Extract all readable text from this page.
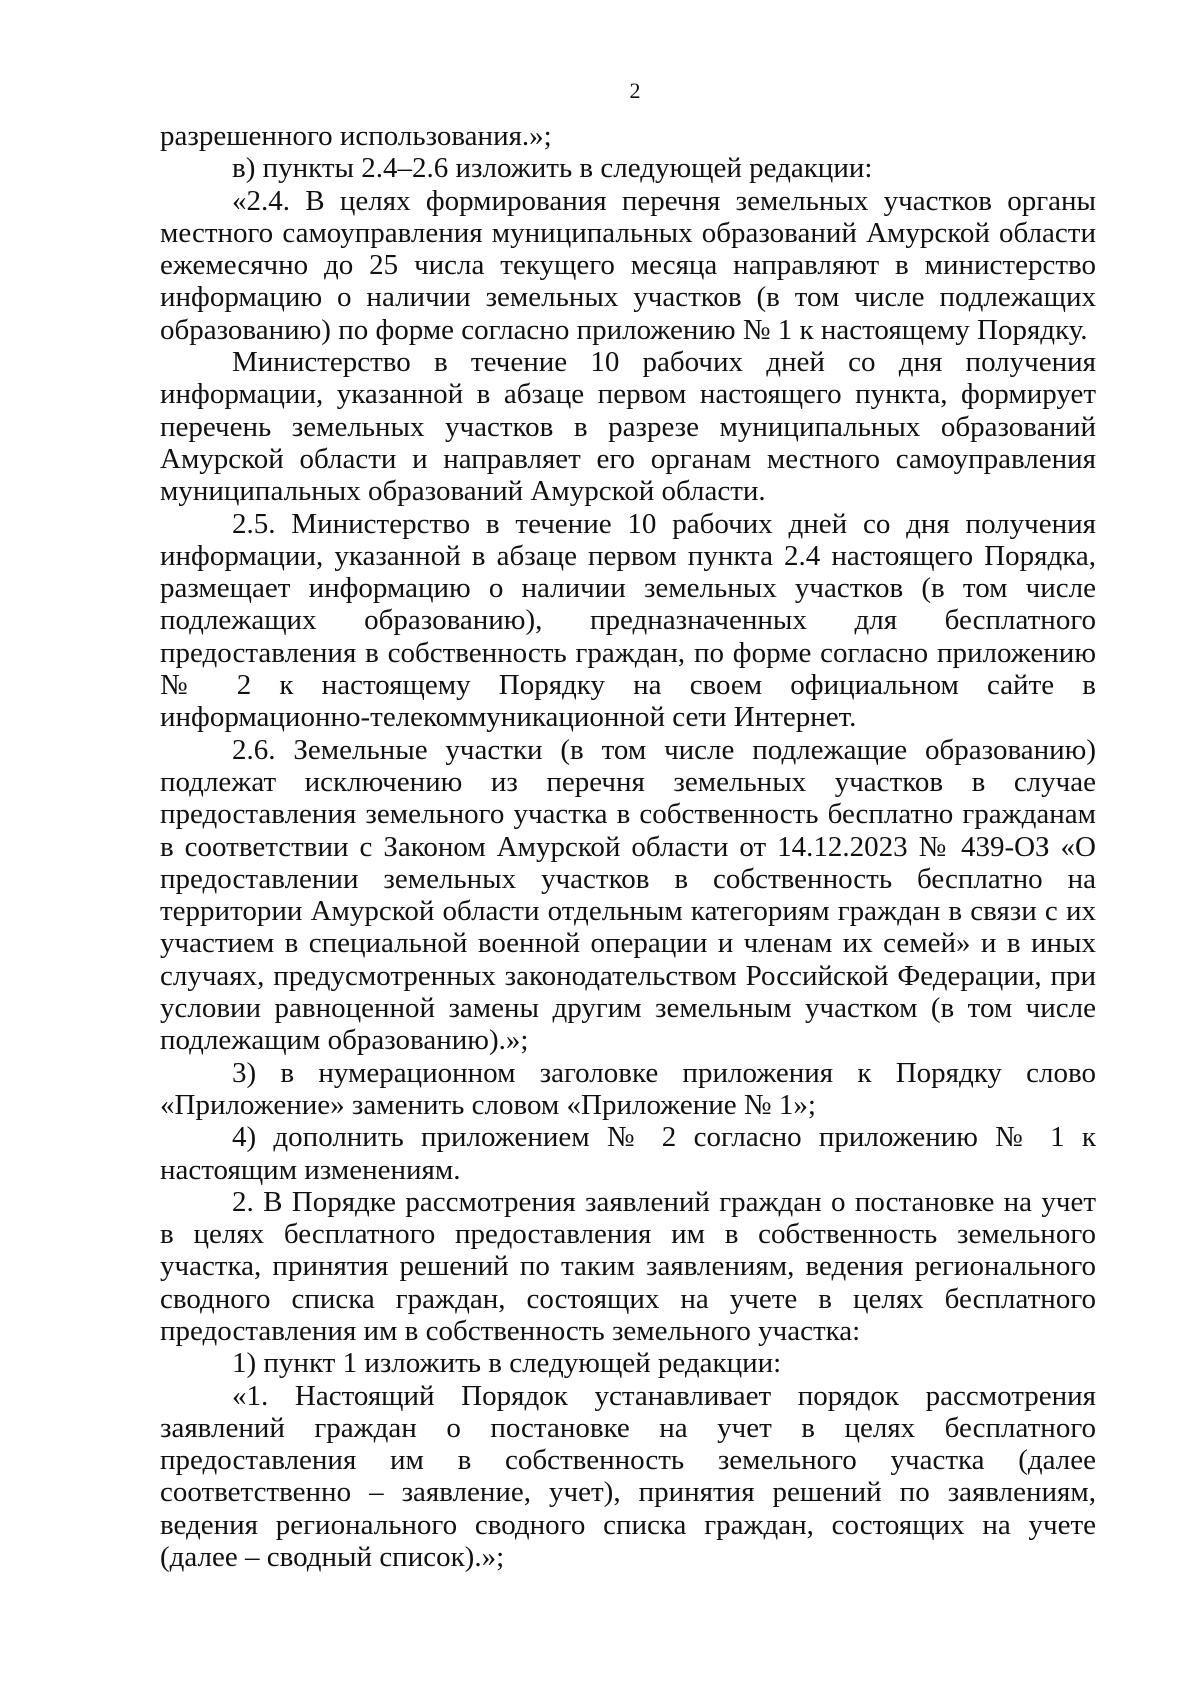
2

разрешенного использования.»;

в) пункты 2.4–2.6 изложить в следующей редакции:

«2.4. В целях формирования перечня земельных участков органы местного самоуправления муниципальных образований Амурской области ежемесячно до 25 числа текущего месяца направляют в министерство информацию о наличии земельных участков (в том числе подлежащих образованию) по форме согласно приложению № 1 к настоящему Порядку.

Министерство в течение 10 рабочих дней со дня получения информации, указанной в абзаце первом настоящего пункта, формирует перечень земельных участков в разрезе муниципальных образований Амурской области и направляет его органам местного самоуправления муниципальных образований Амурской области.

2.5. Министерство в течение 10 рабочих дней со дня получения информации, указанной в абзаце первом пункта 2.4 настоящего Порядка, размещает информацию о наличии земельных участков (в том числе подлежащих образованию), предназначенных для бесплатного предоставления в собственность граждан, по форме согласно приложению № 2 к настоящему Порядку на своем официальном сайте в информационно-телекоммуникационной сети Интернет.

2.6. Земельные участки (в том числе подлежащие образованию) подлежат исключению из перечня земельных участков в случае предоставления земельного участка в собственность бесплатно гражданам в соответствии с Законом Амурской области от 14.12.2023 № 439-ОЗ «О предоставлении земельных участков в собственность бесплатно на территории Амурской области отдельным категориям граждан в связи с их участием в специальной военной операции и членам их семей» и в иных случаях, предусмотренных законодательством Российской Федерации, при условии равноценной замены другим земельным участком (в том числе подлежащим образованию).»;

3) в нумерационном заголовке приложения к Порядку слово «Приложение» заменить словом «Приложение № 1»;

4) дополнить приложением № 2 согласно приложению № 1 к настоящим изменениям.

2. В Порядке рассмотрения заявлений граждан о постановке на учет в целях бесплатного предоставления им в собственность земельного участка, принятия решений по таким заявлениям, ведения регионального сводного списка граждан, состоящих на учете в целях бесплатного предоставления им в собственность земельного участка:

1) пункт 1 изложить в следующей редакции:

«1. Настоящий Порядок устанавливает порядок рассмотрения заявлений граждан о постановке на учет в целях бесплатного предоставления им в собственность земельного участка (далее соответственно – заявление, учет), принятия решений по заявлениям, ведения регионального сводного списка граждан, состоящих на учете (далее – сводный список).»;
